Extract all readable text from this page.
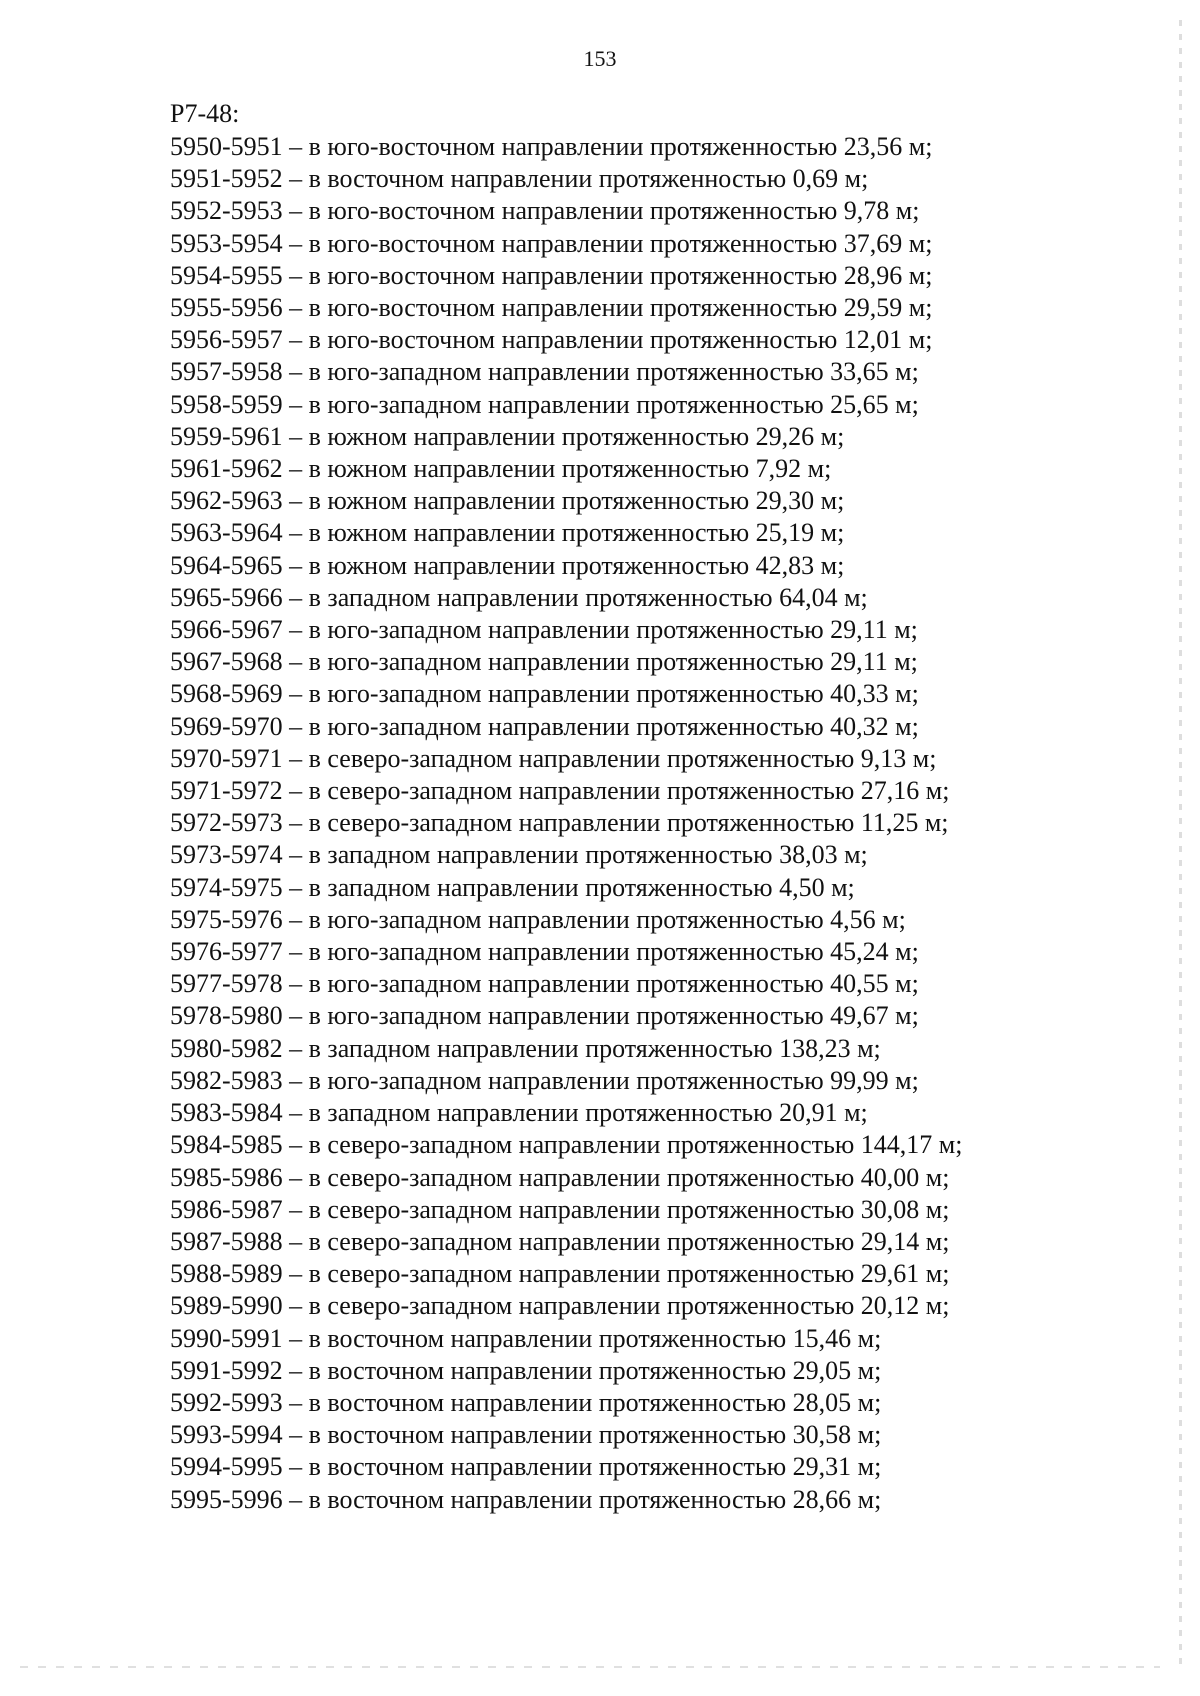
153
Р7-48:
5950-5951 – в юго-восточном направлении протяженностью 23,56 м;
5951-5952 – в восточном направлении протяженностью 0,69 м;
5952-5953 – в юго-восточном направлении протяженностью 9,78 м;
5953-5954 – в юго-восточном направлении протяженностью 37,69 м;
5954-5955 – в юго-восточном направлении протяженностью 28,96 м;
5955-5956 – в юго-восточном направлении протяженностью 29,59 м;
5956-5957 – в юго-восточном направлении протяженностью 12,01 м;
5957-5958 – в юго-западном направлении протяженностью 33,65 м;
5958-5959 – в юго-западном направлении протяженностью 25,65 м;
5959-5961 – в южном направлении протяженностью 29,26 м;
5961-5962 – в южном направлении протяженностью 7,92 м;
5962-5963 – в южном направлении протяженностью 29,30 м;
5963-5964 – в южном направлении протяженностью 25,19 м;
5964-5965 – в южном направлении протяженностью 42,83 м;
5965-5966 – в западном направлении протяженностью 64,04 м;
5966-5967 – в юго-западном направлении протяженностью 29,11 м;
5967-5968 – в юго-западном направлении протяженностью 29,11 м;
5968-5969 – в юго-западном направлении протяженностью 40,33 м;
5969-5970 – в юго-западном направлении протяженностью 40,32 м;
5970-5971 – в северо-западном направлении протяженностью 9,13 м;
5971-5972 – в северо-западном направлении протяженностью 27,16 м;
5972-5973 – в северо-западном направлении протяженностью 11,25 м;
5973-5974 – в западном направлении протяженностью 38,03 м;
5974-5975 – в западном направлении протяженностью 4,50 м;
5975-5976 – в юго-западном направлении протяженностью 4,56 м;
5976-5977 – в юго-западном направлении протяженностью 45,24 м;
5977-5978 – в юго-западном направлении протяженностью 40,55 м;
5978-5980 – в юго-западном направлении протяженностью 49,67 м;
5980-5982 – в западном направлении протяженностью 138,23 м;
5982-5983 – в юго-западном направлении протяженностью 99,99 м;
5983-5984 – в западном направлении протяженностью 20,91 м;
5984-5985 – в северо-западном направлении протяженностью 144,17 м;
5985-5986 – в северо-западном направлении протяженностью 40,00 м;
5986-5987 – в северо-западном направлении протяженностью 30,08 м;
5987-5988 – в северо-западном направлении протяженностью 29,14 м;
5988-5989 – в северо-западном направлении протяженностью 29,61 м;
5989-5990 – в северо-западном направлении протяженностью 20,12 м;
5990-5991 – в восточном направлении протяженностью 15,46 м;
5991-5992 – в восточном направлении протяженностью 29,05 м;
5992-5993 – в восточном направлении протяженностью 28,05 м;
5993-5994 – в восточном направлении протяженностью 30,58 м;
5994-5995 – в восточном направлении протяженностью 29,31 м;
5995-5996 – в восточном направлении протяженностью 28,66 м;
